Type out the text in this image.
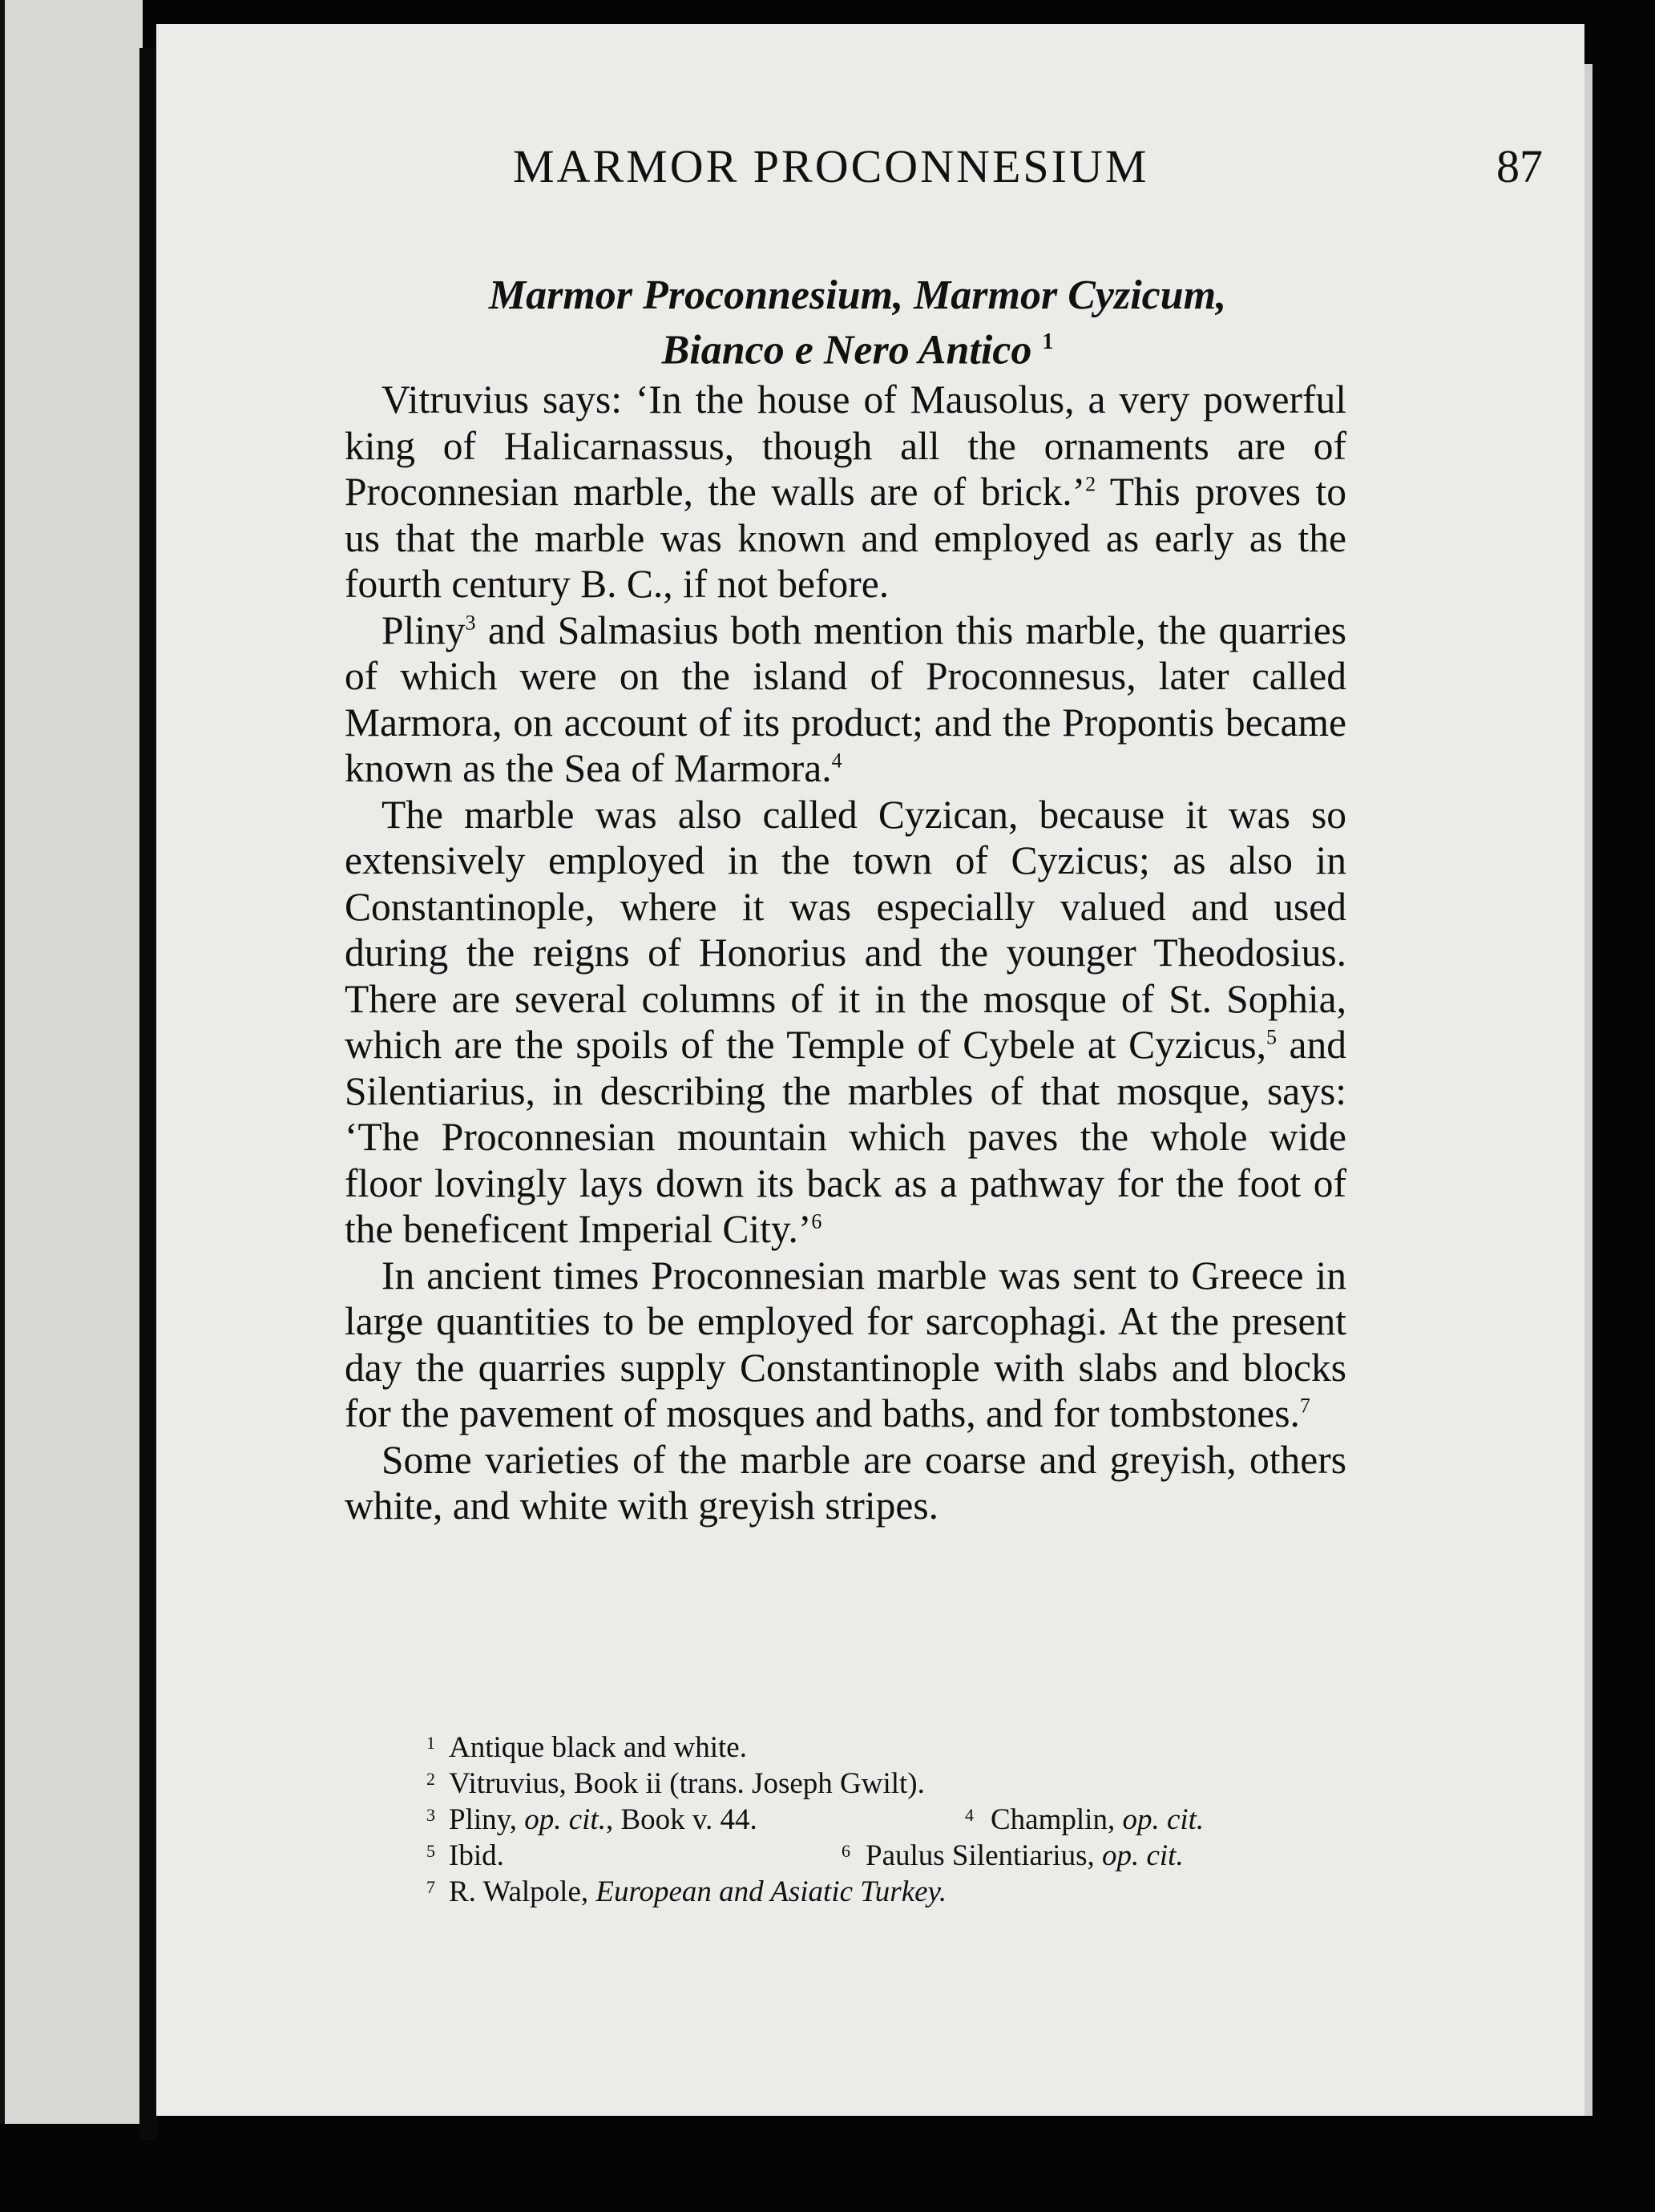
MARMOR PROCONNESIUM	87
Marmor Proconnesium, Marmor Cyzicum,
Bianco e Nero Antico $^1$

Vitruvius says: ‘In the house of Mausolus, a very powerful king of Halicarnassus, though all the ornaments are of Proconnesian marble, the walls are of brick.’$^2$ This proves to us that the marble was known and employed as early as the fourth century B. C., if not before.

Pliny$^3$ and Salmasius both mention this marble, the quarries of which were on the island of Proconnesus, later called Marmora, on account of its product; and the Propontis became known as the Sea of Marmora.$^4$

The marble was also called Cyzican, because it was so extensively employed in the town of Cyzicus; as also in Constantinople, where it was especially valued and used during the reigns of Honorius and the younger Theodosius. There are several columns of it in the mosque of St. Sophia, which are the spoils of the Temple of Cybele at Cyzicus,$^5$ and Silentiarius, in describing the marbles of that mosque, says: ‘The Proconnesian mountain which paves the whole wide floor lovingly lays down its back as a pathway for the foot of the beneficent Imperial City.’$^6$

In ancient times Proconnesian marble was sent to Greece in large quantities to be employed for sarcophagi. At the present day the quarries supply Constantinople with slabs and blocks for the pavement of mosques and baths, and for tombstones.$^7$

Some varieties of the marble are coarse and greyish, others white, and white with greyish stripes.

1 Antique black and white.
2 Vitruvius, Book ii (trans. Joseph Gwilt).
3 Pliny, op. cit., Book v. 44.	4 Champlin, op. cit.
5 Ibid.	6 Paulus Silentiarius, op. cit.
7 R. Walpole, European and Asiatic Turkey.
